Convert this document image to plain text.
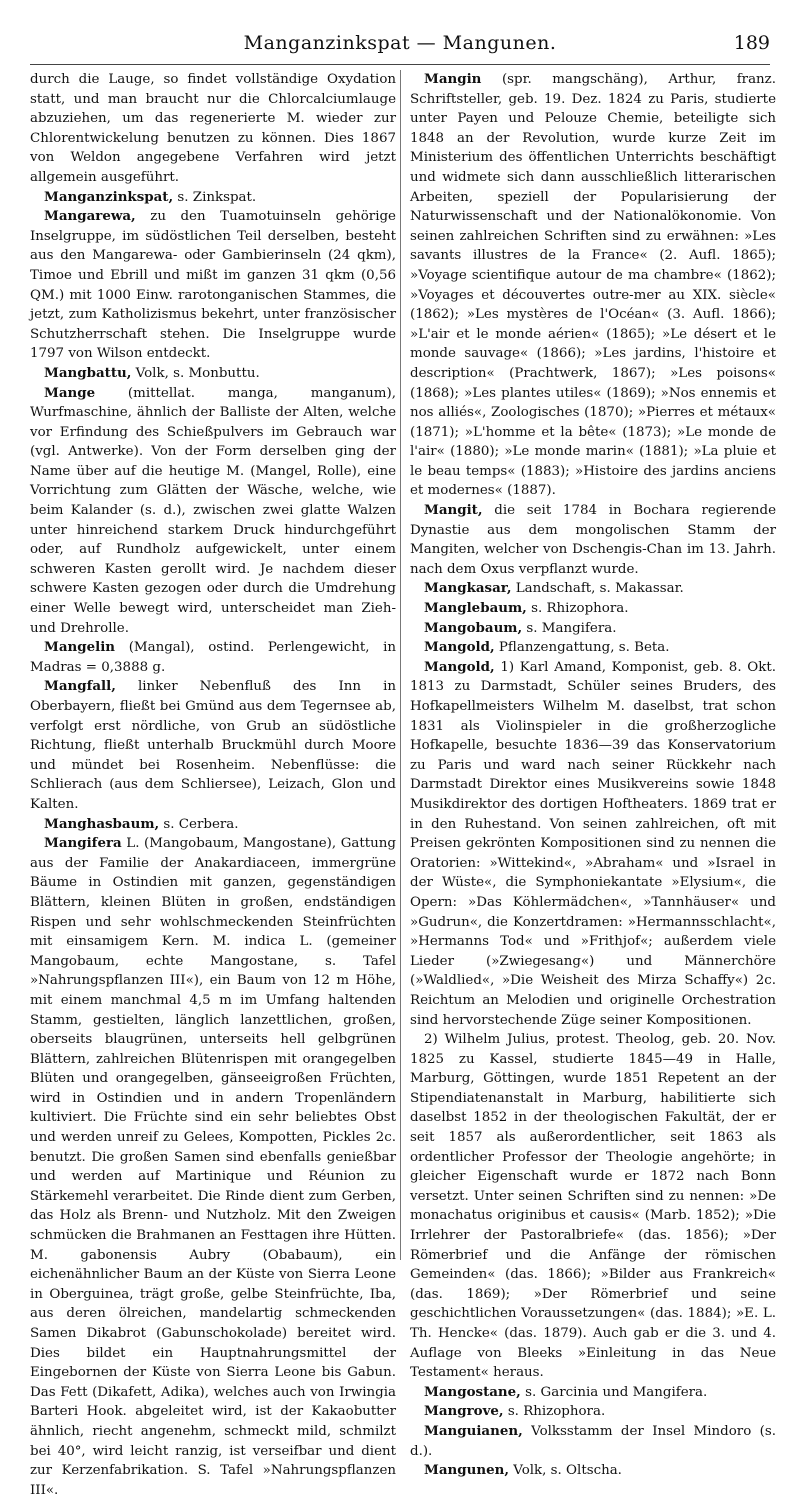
Manganzinkspat — Mangunen.	189

durch die Lauge, so findet vollständige Oxydation statt, und man braucht nur die Chlorcalciumlauge abzuziehen, um das regenerierte M. wieder zur Chlorentwickelung benutzen zu können. Dies 1867 von Weldon angegebene Verfahren wird jetzt allgemein ausgeführt.

Manganzinkspat, s. Zinkspat.

Mangarewa, zu den Tuamotuinseln gehörige Inselgruppe, im südöstlichen Teil derselben, besteht aus den Mangarewa- oder Gambierinseln (24 qkm), Timoe und Ebrill und mißt im ganzen 31 qkm (0,56 QM.) mit 1000 Einw. rarotonganischen Stammes, die jetzt, zum Katholizismus bekehrt, unter französischer Schutzherrschaft stehen. Die Inselgruppe wurde 1797 von Wilson entdeckt.

Mangbattu, Volk, s. Monbuttu.

Mange (mittellat. manga, manganum), Wurfmaschine, ähnlich der Balliste der Alten, welche vor Erfindung des Schießpulvers im Gebrauch war (vgl. Antwerke). Von der Form derselben ging der Name über auf die heutige M. (Mangel, Rolle), eine Vorrichtung zum Glätten der Wäsche, welche, wie beim Kalander (s. d.), zwischen zwei glatte Walzen unter hinreichend starkem Druck hindurchgeführt oder, auf Rundholz aufgewickelt, unter einem schweren Kasten gerollt wird. Je nachdem dieser schwere Kasten gezogen oder durch die Umdrehung einer Welle bewegt wird, unterscheidet man Zieh- und Drehrolle.

Mangelin (Mangal), ostind. Perlengewicht, in Madras = 0,3888 g.

Mangfall, linker Nebenfluß des Inn in Oberbayern, fließt bei Gmünd aus dem Tegernsee ab, verfolgt erst nördliche, von Grub an südöstliche Richtung, fließt unterhalb Bruckmühl durch Moore und mündet bei Rosenheim. Nebenflüsse: die Schlierach (aus dem Schliersee), Leizach, Glon und Kalten.

Manghasbaum, s. Cerbera.

Mangifera L. (Mangobaum, Mangostane), Gattung aus der Familie der Anakardiaceen, immergrüne Bäume in Ostindien mit ganzen, gegenständigen Blättern, kleinen Blüten in großen, endständigen Rispen und sehr wohlschmeckenden Steinfrüchten mit einsamigem Kern. M. indica L. (gemeiner Mangobaum, echte Mangostane, s. Tafel »Nahrungspflanzen III«), ein Baum von 12 m Höhe, mit einem manchmal 4,5 m im Umfang haltenden Stamm, gestielten, länglich lanzettlichen, großen, oberseits blaugrünen, unterseits hell gelbgrünen Blättern, zahlreichen Blütenrispen mit orangegelben Blüten und orangegelben, gänseeigroßen Früchten, wird in Ostindien und in andern Tropenländern kultiviert. Die Früchte sind ein sehr beliebtes Obst und werden unreif zu Gelees, Kompotten, Pickles 2c. benutzt. Die großen Samen sind ebenfalls genießbar und werden auf Martinique und Réunion zu Stärkemehl verarbeitet. Die Rinde dient zum Gerben, das Holz als Brenn- und Nutzholz. Mit den Zweigen schmücken die Brahmanen an Festtagen ihre Hütten. M. gabonensis Aubry (Obabaum), ein eichenähnlicher Baum an der Küste von Sierra Leone in Oberguinea, trägt große, gelbe Steinfrüchte, Iba, aus deren ölreichen, mandelartig schmeckenden Samen Dikabrot (Gabunschokolade) bereitet wird. Dies bildet ein Hauptnahrungsmittel der Eingebornen der Küste von Sierra Leone bis Gabun. Das Fett (Dikafett, Adika), welches auch von Irwingia Barteri Hook. abgeleitet wird, ist der Kakaobutter ähnlich, riecht angenehm, schmeckt mild, schmilzt bei 40°, wird leicht ranzig, ist verseifbar und dient zur Kerzenfabrikation. S. Tafel »Nahrungspflanzen III«.

Mangin (spr. mangschäng), Arthur, franz. Schriftsteller, geb. 19. Dez. 1824 zu Paris, studierte unter Payen und Pelouze Chemie, beteiligte sich 1848 an der Revolution, wurde kurze Zeit im Ministerium des öffentlichen Unterrichts beschäftigt und widmete sich dann ausschließlich litterarischen Arbeiten, speziell der Popularisierung der Naturwissenschaft und der Nationalökonomie. Von seinen zahlreichen Schriften sind zu erwähnen: »Les savants illustres de la France« (2. Aufl. 1865); »Voyage scientifique autour de ma chambre« (1862); »Voyages et découvertes outre-mer au XIX. siècle« (1862); »Les mystères de l'Océan« (3. Aufl. 1866); »L'air et le monde aérien« (1865); »Le désert et le monde sauvage« (1866); »Les jardins, l'histoire et description« (Prachtwerk, 1867); »Les poisons« (1868); »Les plantes utiles« (1869); »Nos ennemis et nos alliés«, Zoologisches (1870); »Pierres et métaux« (1871); »L'homme et la bête« (1873); »Le monde de l'air« (1880); »Le monde marin« (1881); »La pluie et le beau temps« (1883); »Histoire des jardins anciens et modernes« (1887).

Mangit, die seit 1784 in Bochara regierende Dynastie aus dem mongolischen Stamm der Mangiten, welcher von Dschengis-Chan im 13. Jahrh. nach dem Oxus verpflanzt wurde.

Mangkasar, Landschaft, s. Makassar.

Manglebaum, s. Rhizophora.

Mangobaum, s. Mangifera.

Mangold, Pflanzengattung, s. Beta.

Mangold, 1) Karl Amand, Komponist, geb. 8. Okt. 1813 zu Darmstadt, Schüler seines Bruders, des Hofkapellmeisters Wilhelm M. daselbst, trat schon 1831 als Violinspieler in die großherzogliche Hofkapelle, besuchte 1836—39 das Konservatorium zu Paris und ward nach seiner Rückkehr nach Darmstadt Direktor eines Musikvereins sowie 1848 Musikdirektor des dortigen Hoftheaters. 1869 trat er in den Ruhestand. Von seinen zahlreichen, oft mit Preisen gekrönten Kompositionen sind zu nennen die Oratorien: »Wittekind«, »Abraham« und »Israel in der Wüste«, die Symphoniekantate »Elysium«, die Opern: »Das Köhlermädchen«, »Tannhäuser« und »Gudrun«, die Konzertdramen: »Hermannsschlacht«, »Hermanns Tod« und »Frithjof«; außerdem viele Lieder (»Zwiegesang«) und Männerchöre (»Waldlied«, »Die Weisheit des Mirza Schaffy«) 2c. Reichtum an Melodien und originelle Orchestration sind hervorstechende Züge seiner Kompositionen.

2) Wilhelm Julius, protest. Theolog, geb. 20. Nov. 1825 zu Kassel, studierte 1845—49 in Halle, Marburg, Göttingen, wurde 1851 Repetent an der Stipendiatenanstalt in Marburg, habilitierte sich daselbst 1852 in der theologischen Fakultät, der er seit 1857 als außerordentlicher, seit 1863 als ordentlicher Professor der Theologie angehörte; in gleicher Eigenschaft wurde er 1872 nach Bonn versetzt. Unter seinen Schriften sind zu nennen: »De monachatus originibus et causis« (Marb. 1852); »Die Irrlehrer der Pastoralbriefe« (das. 1856); »Der Römerbrief und die Anfänge der römischen Gemeinden« (das. 1866); »Bilder aus Frankreich« (das. 1869); »Der Römerbrief und seine geschichtlichen Voraussetzungen« (das. 1884); »E. L. Th. Hencke« (das. 1879). Auch gab er die 3. und 4. Auflage von Bleeks »Einleitung in das Neue Testament« heraus.

Mangostane, s. Garcinia und Mangifera.

Mangrove, s. Rhizophora.

Manguianen, Volksstamm der Insel Mindoro (s. d.).

Mangunen, Volk, s. Oltscha.
